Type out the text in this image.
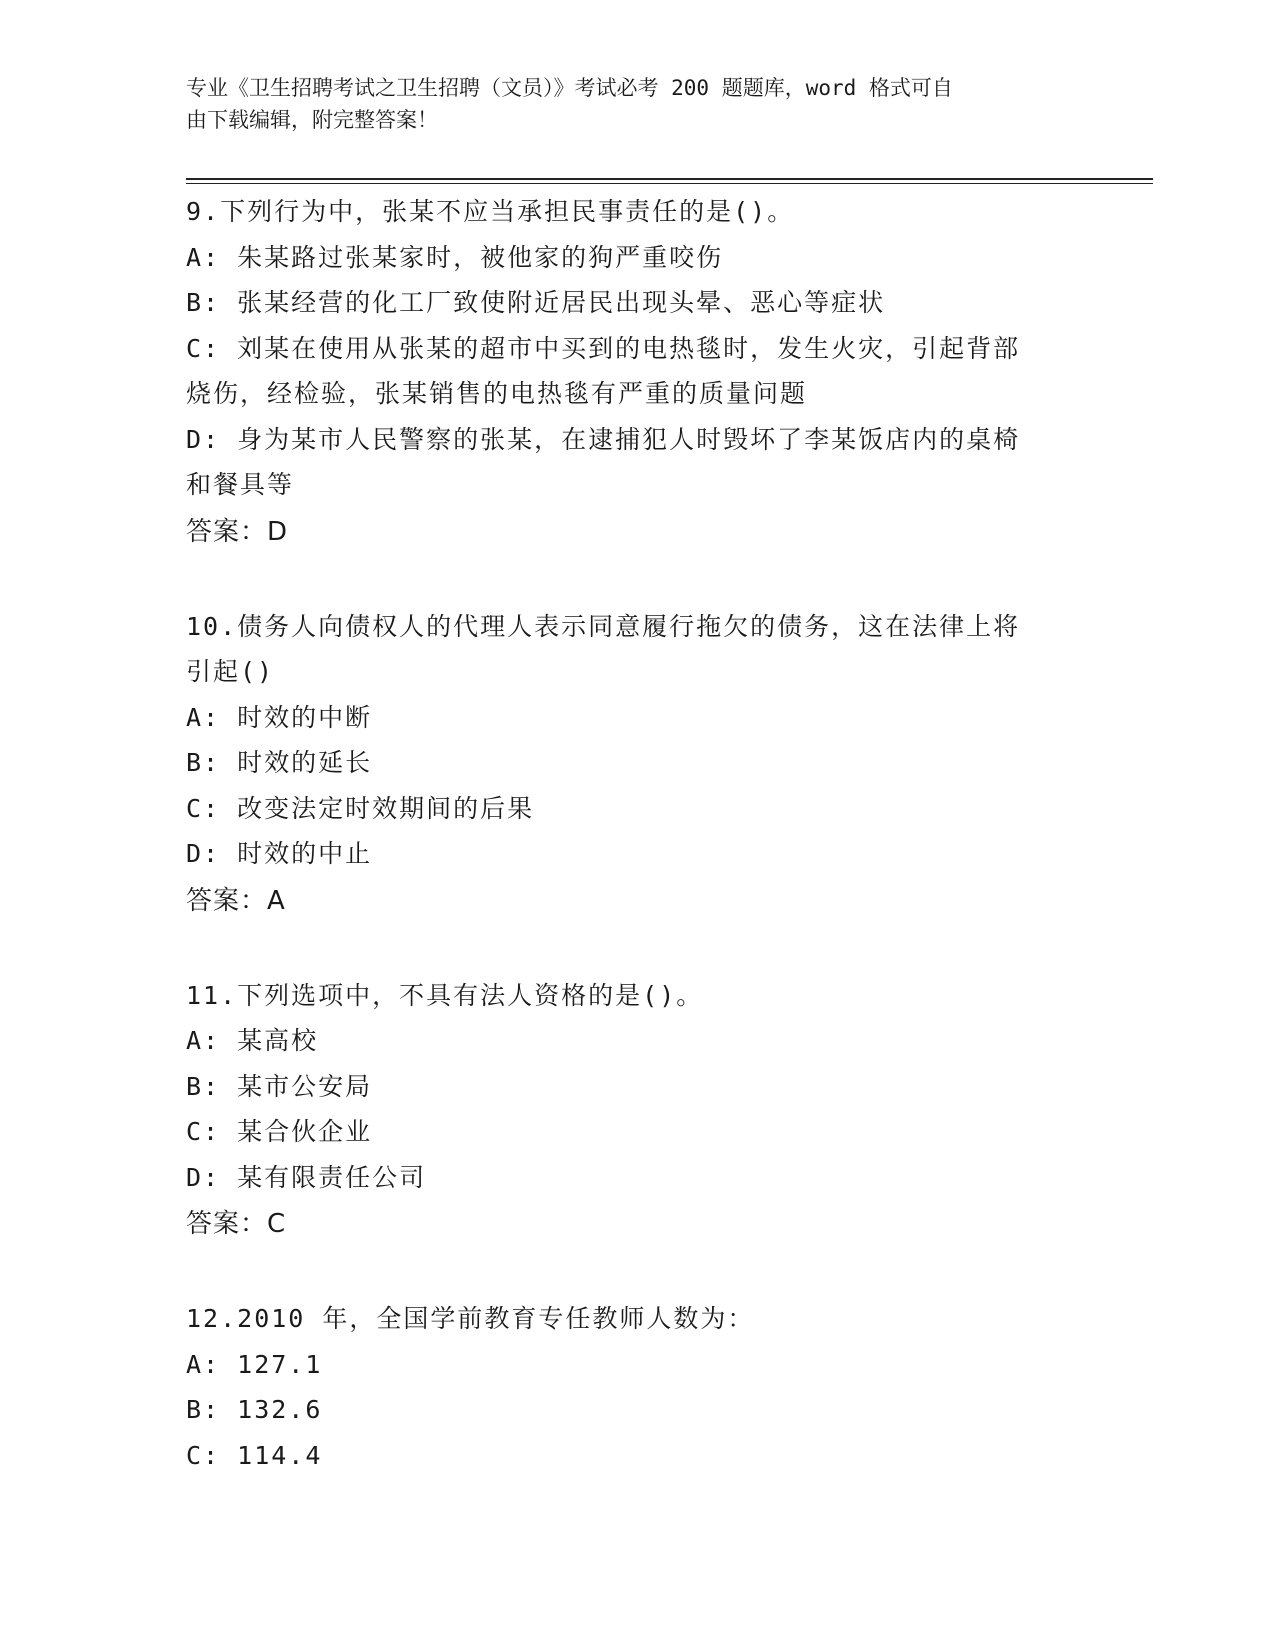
专业《卫生招聘考试之卫生招聘（文员）》考试必考 200 题题库，word 格式可自
由下载编辑，附完整答案！
9.下列行为中，张某不应当承担民事责任的是()。
A: 朱某路过张某家时，被他家的狗严重咬伤
B: 张某经营的化工厂致使附近居民出现头晕、恶心等症状
C: 刘某在使用从张某的超市中买到的电热毯时，发生火灾，引起背部
烧伤，经检验，张某销售的电热毯有严重的质量问题
D: 身为某市人民警察的张某，在逮捕犯人时毁坏了李某饭店内的桌椅
和餐具等
答案：D
10.债务人向债权人的代理人表示同意履行拖欠的债务，这在法律上将
引起()
A: 时效的中断
B: 时效的延长
C: 改变法定时效期间的后果
D: 时效的中止
答案：A
11.下列选项中，不具有法人资格的是()。
A: 某高校
B: 某市公安局
C: 某合伙企业
D: 某有限责任公司
答案：C
12.2010 年，全国学前教育专任教师人数为：
A: 127.1
B: 132.6
C: 114.4
